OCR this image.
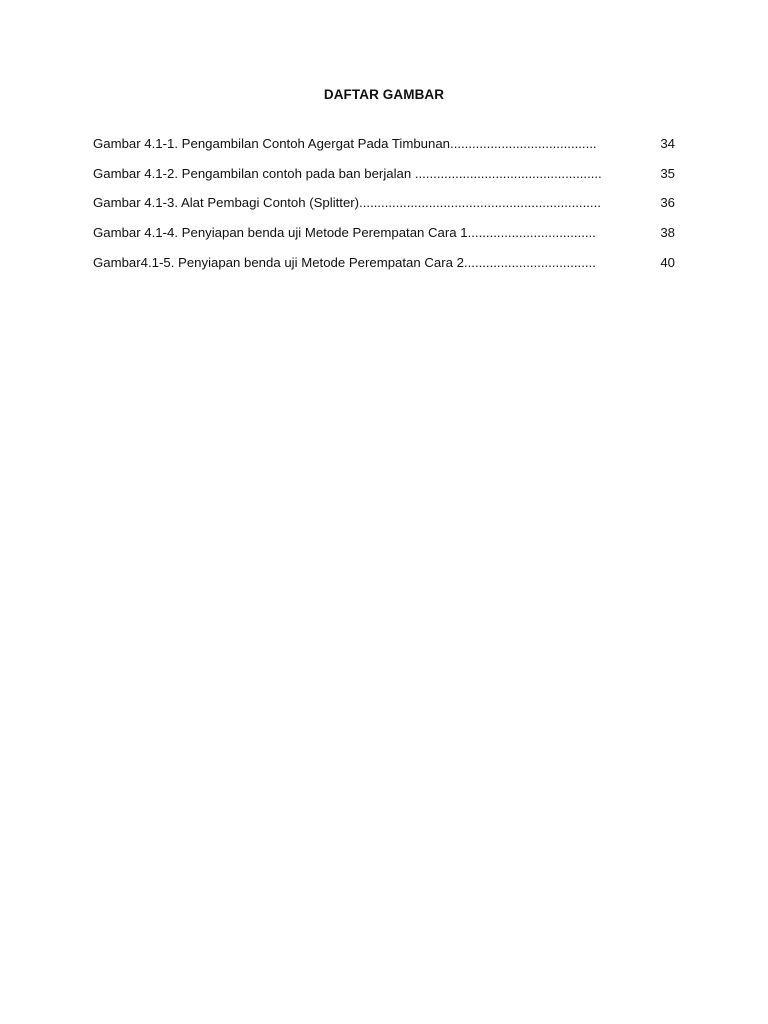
DAFTAR GAMBAR
Gambar 4.1-1. Pengambilan Contoh Agergat Pada Timbunan........................................	34
Gambar 4.1-2. Pengambilan contoh pada ban berjalan ...................................................	35
Gambar 4.1-3. Alat Pembagi Contoh (Splitter)..................................................................	36
Gambar 4.1-4. Penyiapan benda uji Metode Perempatan Cara 1...................................	38
Gambar4.1-5. Penyiapan benda uji Metode Perempatan Cara 2....................................	40
